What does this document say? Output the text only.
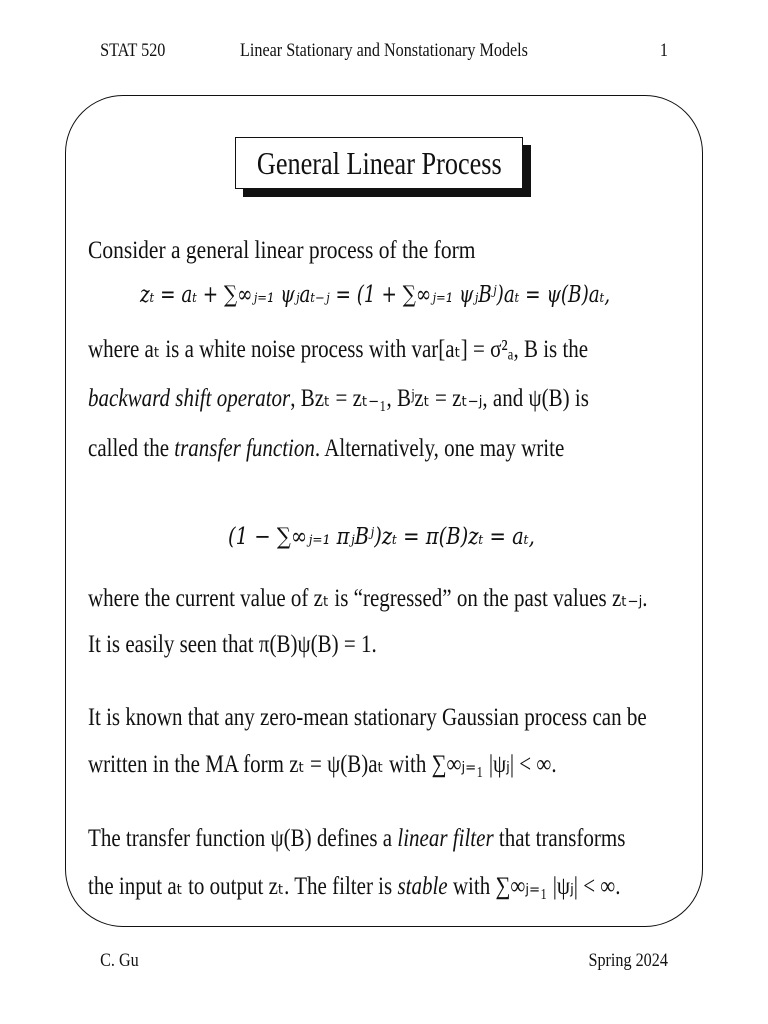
STAT 520	Linear Stationary and Nonstationary Models	1
General Linear Process
Consider a general linear process of the form
zₜ = aₜ + ∑∞ⱼ₌₁ ψⱼaₜ₋ⱼ = (1 + ∑∞ⱼ₌₁ ψⱼBʲ)aₜ = ψ(B)aₜ,
where aₜ is a white noise process with var[aₜ] = σ²ₐ, B is the
backward shift operator, Bzₜ = zₜ₋₁, Bʲzₜ = zₜ₋ⱼ, and ψ(B) is
called the transfer function. Alternatively, one may write
(1 − ∑∞ⱼ₌₁ πⱼBʲ)zₜ = π(B)zₜ = aₜ,
where the current value of zₜ is “regressed” on the past values zₜ₋ⱼ.
It is easily seen that π(B)ψ(B) = 1.
It is known that any zero-mean stationary Gaussian process can be
written in the MA form zₜ = ψ(B)aₜ with ∑∞ⱼ₌₁ |ψⱼ| < ∞.
The transfer function ψ(B) defines a linear filter that transforms
the input aₜ to output zₜ. The filter is stable with ∑∞ⱼ₌₁ |ψⱼ| < ∞.
C. Gu	Spring 2024
